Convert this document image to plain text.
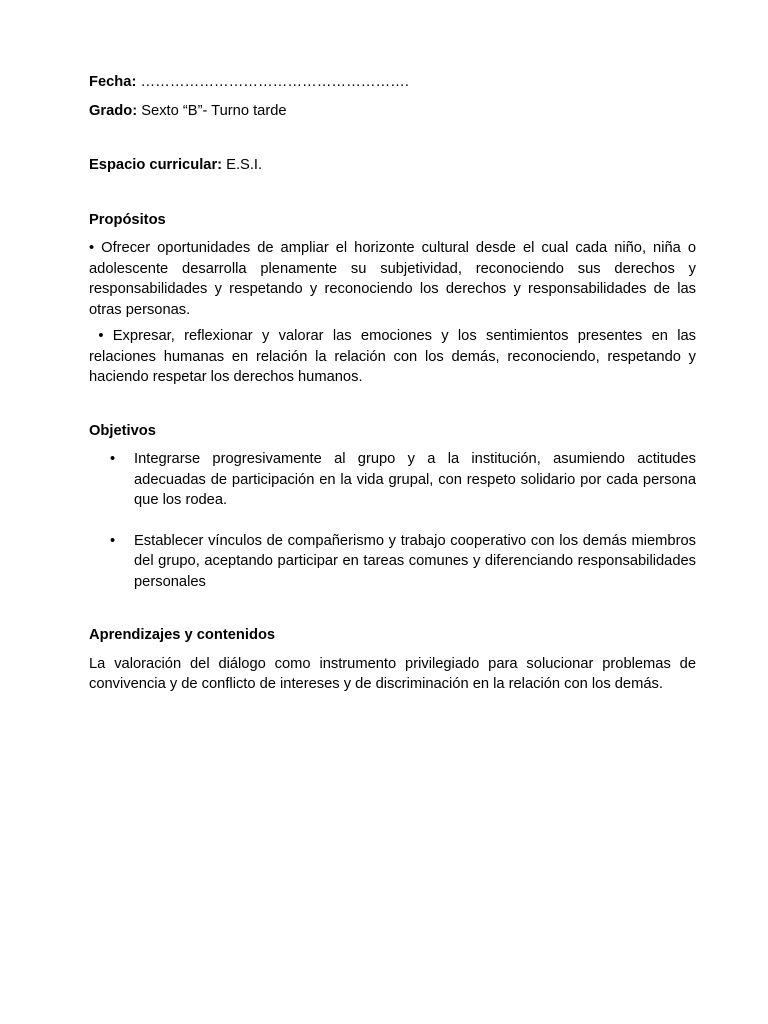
Fecha: ……………………………………………….

Grado: Sexto “B”- Turno tarde

Espacio curricular: E.S.I.

Propósitos

• Ofrecer oportunidades de ampliar el horizonte cultural desde el cual cada niño, niña o adolescente desarrolla plenamente su subjetividad, reconociendo sus derechos y responsabilidades y respetando y reconociendo los derechos y responsabilidades de las otras personas.

• Expresar, reflexionar y valorar las emociones y los sentimientos presentes en las relaciones humanas en relación la relación con los demás, reconociendo, respetando y haciendo respetar los derechos humanos.

Objetivos

• Integrarse progresivamente al grupo y a la institución, asumiendo actitudes adecuadas de participación en la vida grupal, con respeto solidario por cada persona que los rodea.
• Establecer vínculos de compañerismo y trabajo cooperativo con los demás miembros del grupo, aceptando participar en tareas comunes y diferenciando responsabilidades personales

Aprendizajes y contenidos

La valoración del diálogo como instrumento privilegiado para solucionar problemas de convivencia y de conflicto de intereses y de discriminación en la relación con los demás.
